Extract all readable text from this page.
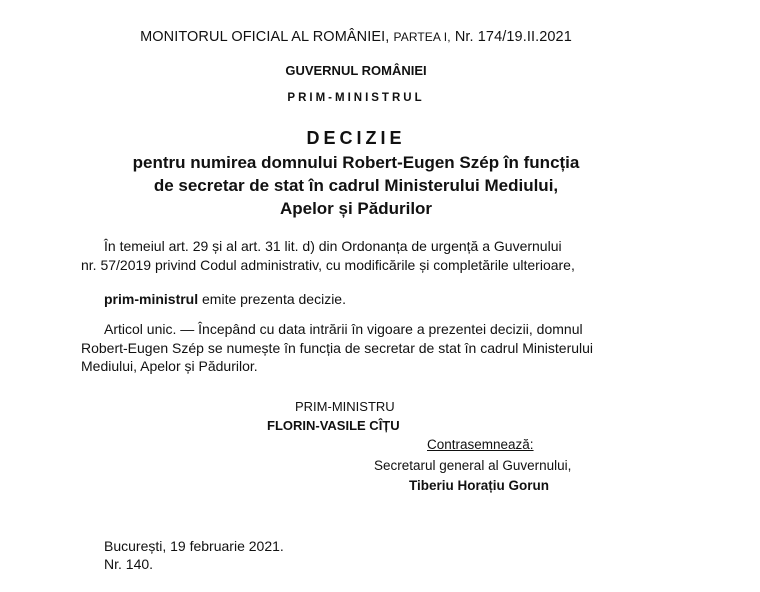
MONITORUL OFICIAL AL ROMÂNIEI, PARTEA I, Nr. 174/19.II.2021
GUVERNUL ROMÂNIEI
PRIM-MINISTRUL
DECIZIE
pentru numirea domnului Robert-Eugen Szép în funcția
de secretar de stat în cadrul Ministerului Mediului,
Apelor și Pădurilor
În temeiul art. 29 și al art. 31 lit. d) din Ordonanța de urgență a Guvernului
nr. 57/2019 privind Codul administrativ, cu modificările și completările ulterioare,
prim-ministrul emite prezenta decizie.
Articol unic. — Începând cu data intrării în vigoare a prezentei decizii, domnul
Robert-Eugen Szép se numește în funcția de secretar de stat în cadrul Ministerului
Mediului, Apelor și Pădurilor.
PRIM-MINISTRU
FLORIN-VASILE CÎȚU
Contrasemnează:
Secretarul general al Guvernului,
Tiberiu Horațiu Gorun
București, 19 februarie 2021.
Nr. 140.
